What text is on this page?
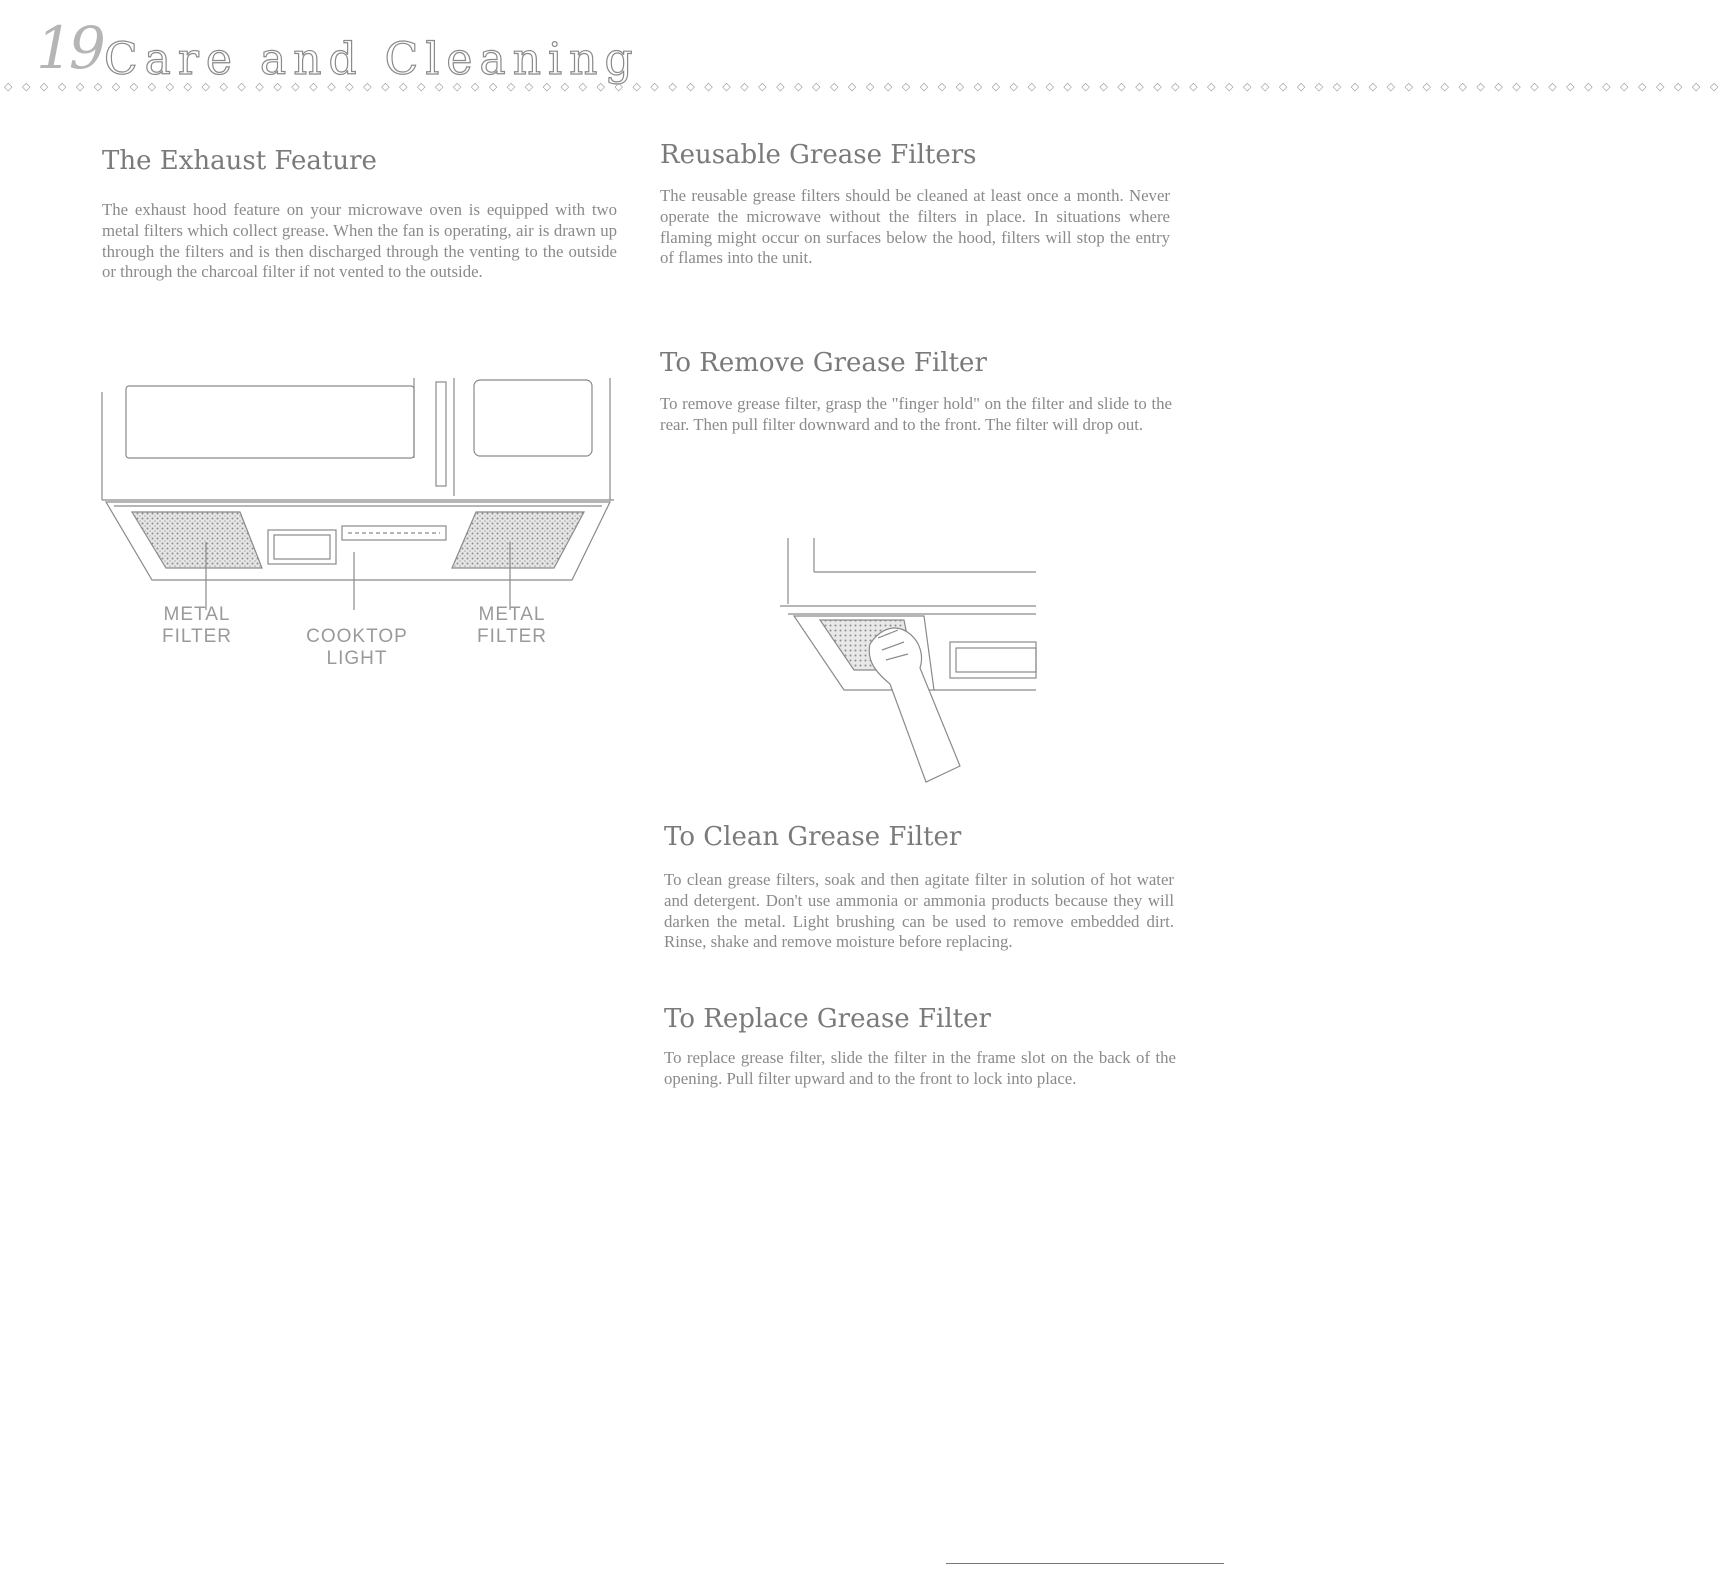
19 Care and Cleaning
◇ ◇ ◇ ◇ ◇ ◇ ◇ ◇ ◇ ◇ ◇ ◇ ◇ ◇ ◇ ◇ ◇ ◇ ◇ ◇ ◇ ◇ ◇ ◇ ◇ ◇ ◇ ◇ ◇ ◇ ◇ ◇ ◇ ◇ ◇ ◇ ◇ ◇ ◇ ◇ ◇ ◇ ◇ ◇ ◇ ◇ ◇ ◇ ◇ ◇ ◇ ◇ ◇ ◇ ◇ ◇ ◇ ◇ ◇ ◇ ◇ ◇ ◇ ◇ ◇ ◇ ◇ ◇ ◇ ◇ ◇ ◇ ◇ ◇ ◇ ◇ ◇ ◇ ◇ ◇ ◇ ◇ ◇ ◇ ◇ ◇ ◇ ◇ ◇ ◇ ◇ ◇ ◇ ◇ ◇ ◇
The Exhaust Feature

The exhaust hood feature on your microwave oven is equipped with two metal filters which collect grease. When the fan is operating, air is drawn up through the filters and is then discharged through the venting to the outside or through the charcoal filter if not vented to the outside.

METAL
FILTER	COOKTOP
LIGHT
METAL
FILTER
Reusable Grease Filters

The reusable grease filters should be cleaned at least once a month. Never operate the microwave without the filters in place. In situations where flaming might occur on surfaces below the hood, filters will stop the entry of flames into the unit.

To Remove Grease Filter

To remove grease filter, grasp the "finger hold" on the filter and slide to the rear. Then pull filter downward and to the front. The filter will drop out.

To Clean Grease Filter

To clean grease filters, soak and then agitate filter in solution of hot water and detergent. Don't use ammonia or ammonia products because they will darken the metal. Light brushing can be used to remove embedded dirt. Rinse, shake and remove moisture before replacing.

To Replace Grease Filter

To replace grease filter, slide the filter in the frame slot on the back of the opening. Pull filter upward and to the front to lock into place.
